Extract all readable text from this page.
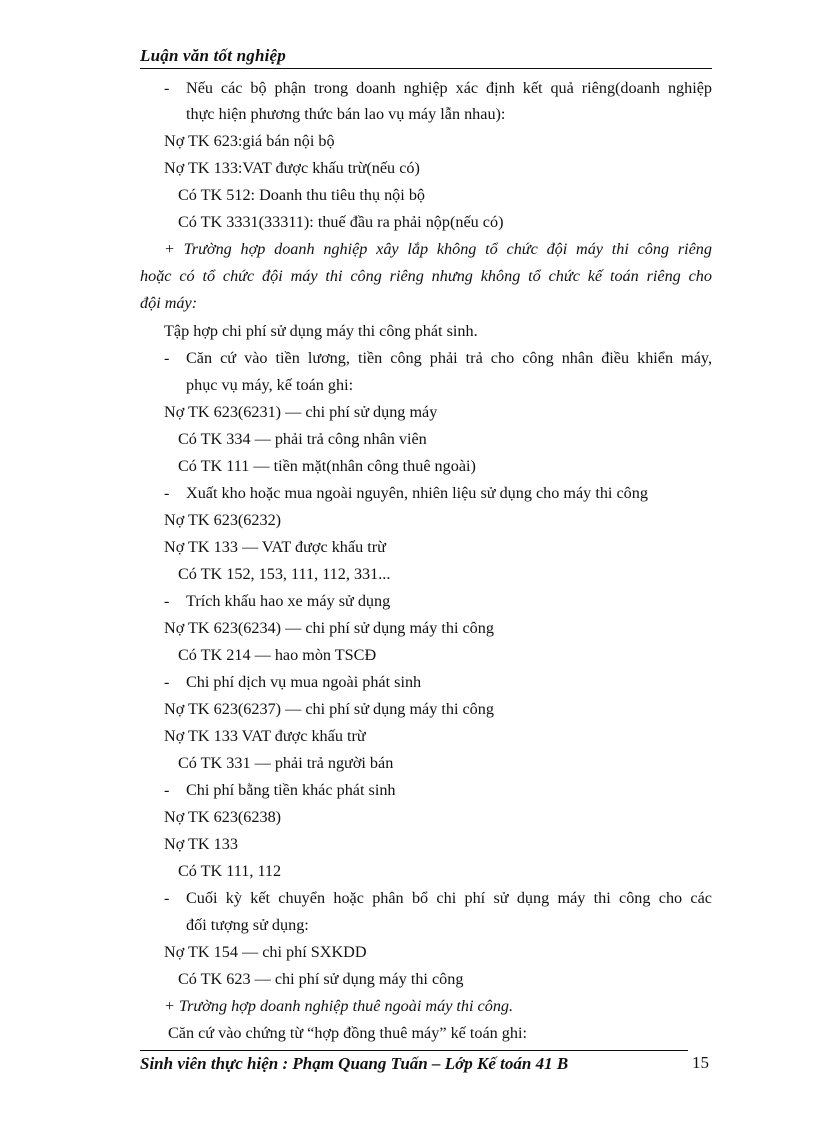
Luận văn tốt nghiệp
- Nếu các bộ phận trong doanh nghiệp xác định kết quả riêng(doanh nghiệp
thực hiện phương thức bán lao vụ máy lẫn nhau):
Nợ TK 623:giá bán nội bộ
Nợ TK 133:VAT được khấu trừ(nếu có)
Có TK 512: Doanh thu tiêu thụ nội bộ
Có TK 3331(33311): thuế đầu ra phải nộp(nếu có)
+ Trường hợp doanh nghiệp xây lắp không tổ chức đội máy thi công riêng
hoặc có tổ chức đội máy thi công riêng nhưng không tổ chức kế toán riêng cho
đội máy:
Tập hợp chi phí sử dụng máy thi công phát sinh.
- Căn cứ vào tiền lương, tiền công phải trả cho công nhân điều khiển máy,
phục vụ máy, kế toán ghi:
Nợ TK 623(6231) — chi phí sử dụng máy
Có TK 334 — phải trả công nhân viên
Có TK 111 — tiền mặt(nhân công thuê ngoài)
- Xuất kho hoặc mua ngoài nguyên, nhiên liệu sử dụng cho máy thi công
Nợ TK 623(6232)
Nợ TK 133 — VAT được khấu trừ
Có TK 152, 153, 111, 112, 331...
- Trích khấu hao xe máy sử dụng
Nợ TK 623(6234) — chi phí sử dụng máy thi công
Có TK 214 — hao mòn TSCĐ
- Chi phí dịch vụ mua ngoài phát sinh
Nợ TK 623(6237) — chi phí sử dụng máy thi công
Nợ TK 133 VAT được khấu trừ
Có TK 331 — phải trả người bán
- Chi phí bằng tiền khác phát sinh
Nợ TK 623(6238)
Nợ TK 133
Có TK 111, 112
- Cuối kỳ kết chuyển hoặc phân bổ chi phí sử dụng máy thi công cho các
đối tượng sử dụng:
Nợ TK 154 — chi phí SXKDD
Có TK 623 — chi phí sử dụng máy thi công
+ Trường hợp doanh nghiệp thuê ngoài máy thi công.
Căn cứ vào chứng từ “hợp đồng thuê máy” kế toán ghi:
Sinh viên thực hiện : Phạm Quang Tuấn – Lớp Kế toán 41 B	15
